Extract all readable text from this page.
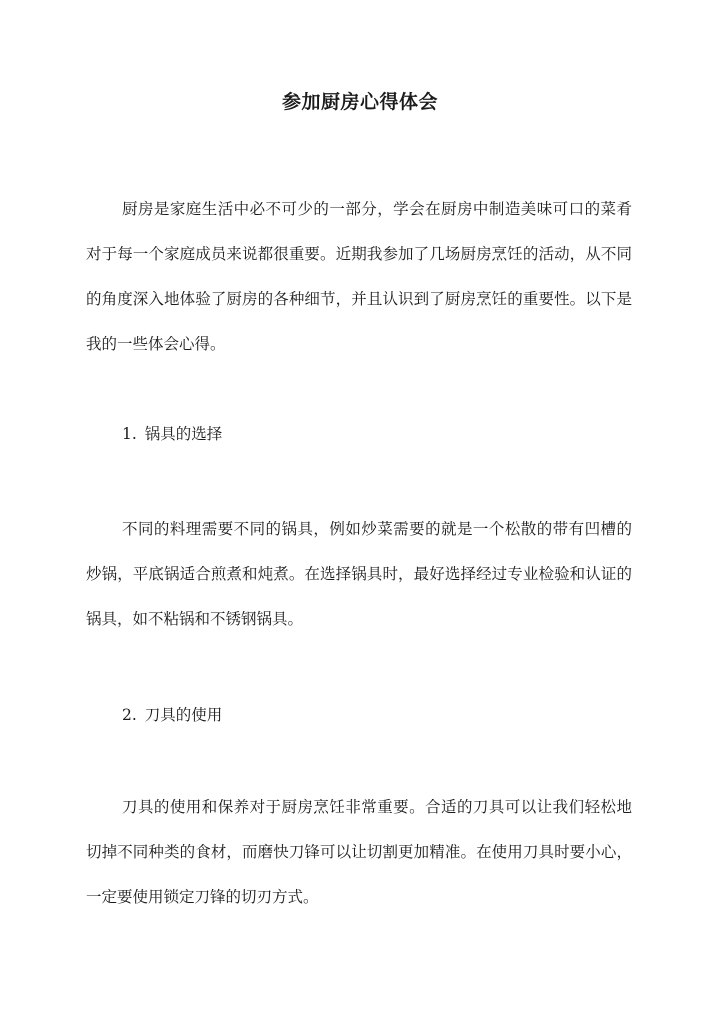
参加厨房心得体会

厨房是家庭生活中必不可少的一部分，学会在厨房中制造美味可口的菜肴对于每一个家庭成员来说都很重要。近期我参加了几场厨房烹饪的活动，从不同的角度深入地体验了厨房的各种细节，并且认识到了厨房烹饪的重要性。以下是我的一些体会心得。

1. 锅具的选择

不同的料理需要不同的锅具，例如炒菜需要的就是一个松散的带有凹槽的炒锅，平底锅适合煎煮和炖煮。在选择锅具时，最好选择经过专业检验和认证的锅具，如不粘锅和不锈钢锅具。

2. 刀具的使用

刀具的使用和保养对于厨房烹饪非常重要。合适的刀具可以让我们轻松地切掉不同种类的食材，而磨快刀锋可以让切割更加精准。在使用刀具时要小心，一定要使用锁定刀锋的切刃方式。
